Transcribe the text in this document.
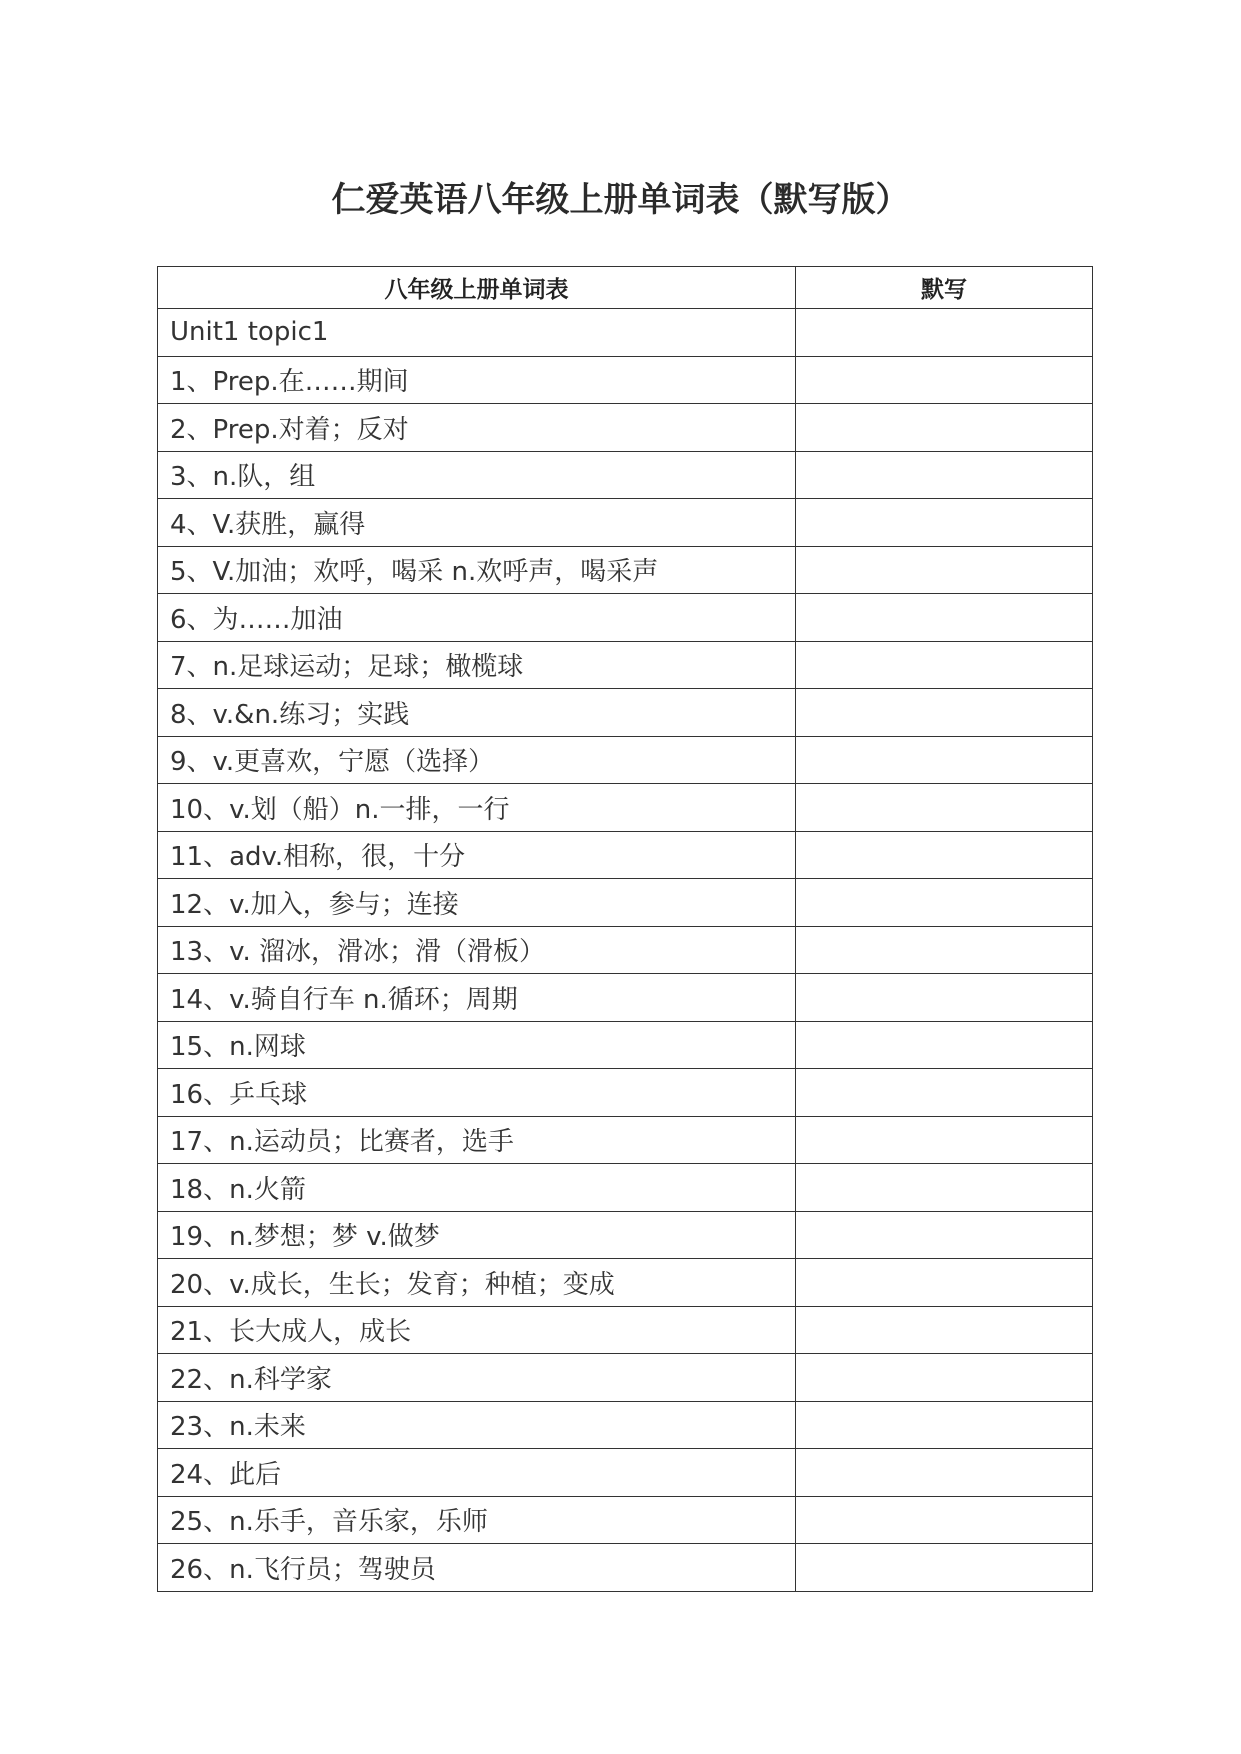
仁爱英语八年级上册单词表（默写版）
八年级上册单词表	默写
Unit1 topic1	
1、Prep.在……期间	
2、Prep.对着；反对	
3、n.队，组	
4、V.获胜，赢得	
5、V.加油；欢呼，喝采 n.欢呼声，喝采声	
6、为……加油	
7、n.足球运动；足球；橄榄球	
8、v.&n.练习；实践	
9、v.更喜欢，宁愿（选择）	
10、v.划（船）n.一排，一行	
11、adv.相称，很，十分	
12、v.加入，参与；连接	
13、v. 溜冰，滑冰；滑（滑板）	
14、v.骑自行车 n.循环；周期	
15、n.网球	
16、乒乓球	
17、n.运动员；比赛者，选手	
18、n.火箭	
19、n.梦想；梦 v.做梦	
20、v.成长，生长；发育；种植；变成	
21、长大成人，成长	
22、n.科学家	
23、n.未来	
24、此后	
25、n.乐手，音乐家，乐师	
26、n.飞行员；驾驶员	
